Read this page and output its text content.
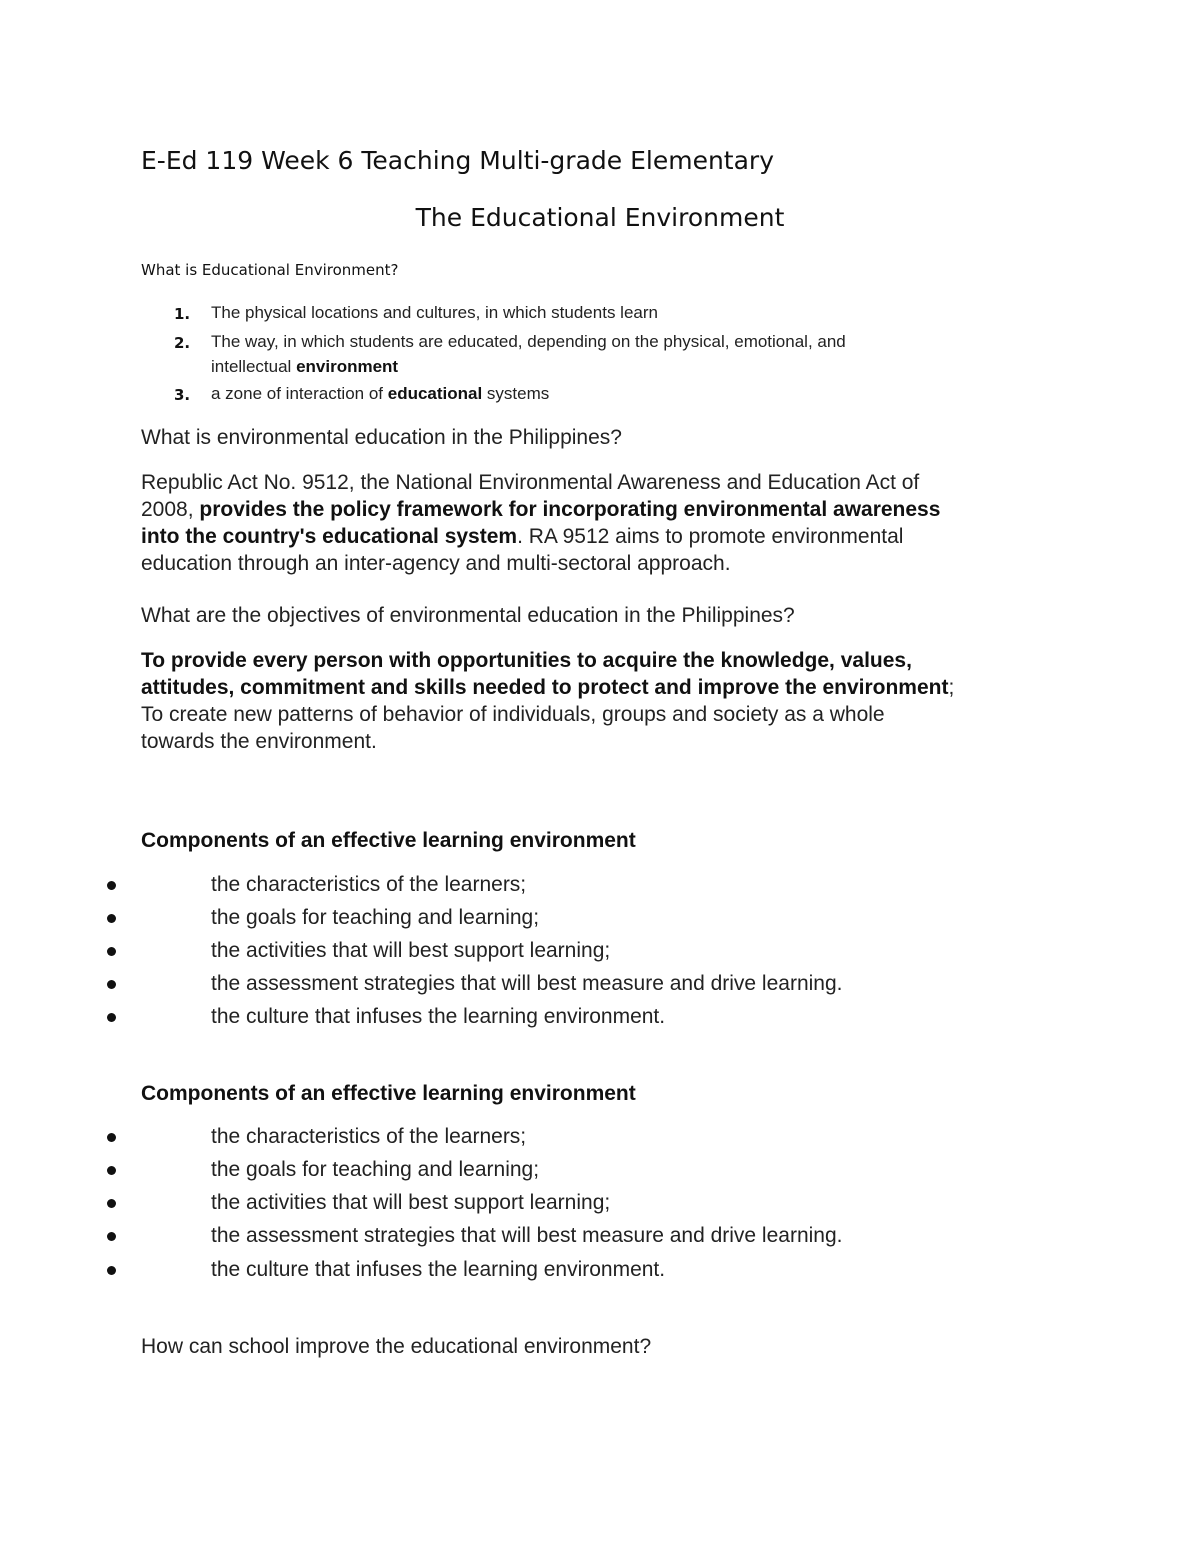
E-Ed 119 Week 6 Teaching Multi-grade Elementary
The Educational Environment
What is Educational Environment?
1. The physical locations and cultures, in which students learn
2. The way, in which students are educated, depending on the physical, emotional, and
intellectual environment
3. a zone of interaction of educational systems
What is environmental education in the Philippines?
Republic Act No. 9512, the National Environmental Awareness and Education Act of
2008, provides the policy framework for incorporating environmental awareness
into the country's educational system. RA 9512 aims to promote environmental
education through an inter-agency and multi-sectoral approach.
What are the objectives of environmental education in the Philippines?
To provide every person with opportunities to acquire the knowledge, values,
attitudes, commitment and skills needed to protect and improve the environment;
To create new patterns of behavior of individuals, groups and society as a whole
towards the environment.
Components of an effective learning environment
the characteristics of the learners;
the goals for teaching and learning;
the activities that will best support learning;
the assessment strategies that will best measure and drive learning.
the culture that infuses the learning environment.
Components of an effective learning environment
the characteristics of the learners;
the goals for teaching and learning;
the activities that will best support learning;
the assessment strategies that will best measure and drive learning.
the culture that infuses the learning environment.
How can school improve the educational environment?
